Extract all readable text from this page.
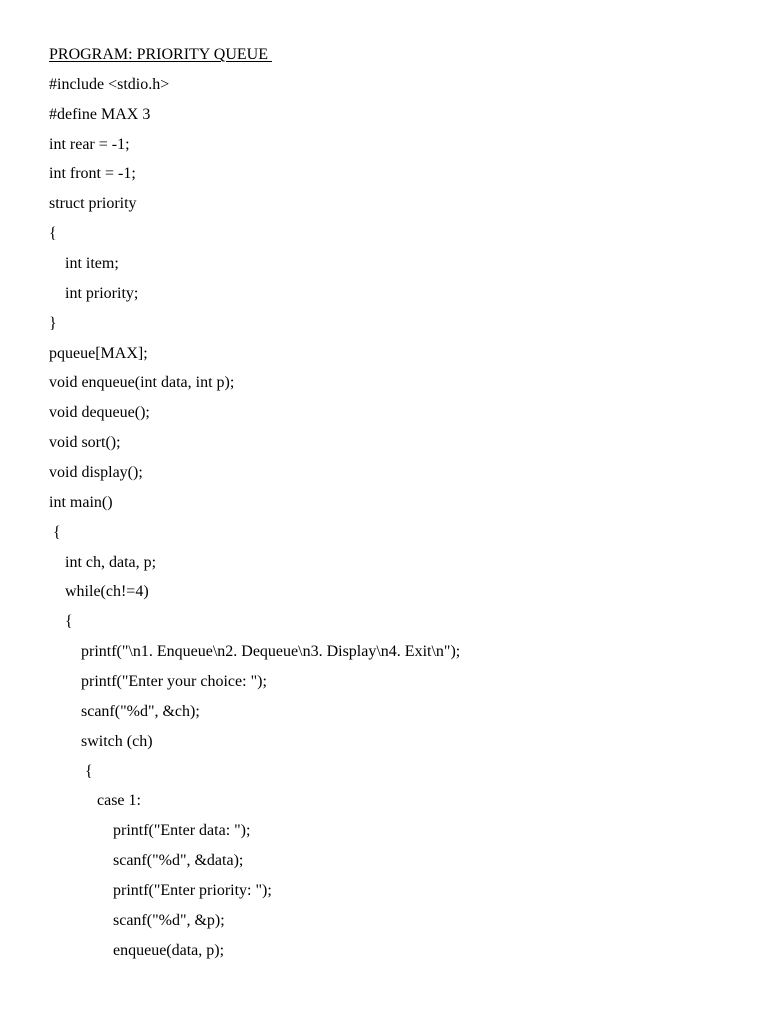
PROGRAM: PRIORITY QUEUE
#include <stdio.h>
#define MAX 3
int rear = -1;
int front = -1;
struct priority
{
int item;
int priority;
}
pqueue[MAX];
void enqueue(int data, int p);
void dequeue();
void sort();
void display();
int main()
{
int ch, data, p;
while(ch!=4)
{
printf("\n1. Enqueue\n2. Dequeue\n3. Display\n4. Exit\n");
printf("Enter your choice: ");
scanf("%d", &ch);
switch (ch)
{
case 1:
printf("Enter data: ");
scanf("%d", &data);
printf("Enter priority: ");
scanf("%d", &p);
enqueue(data, p);
